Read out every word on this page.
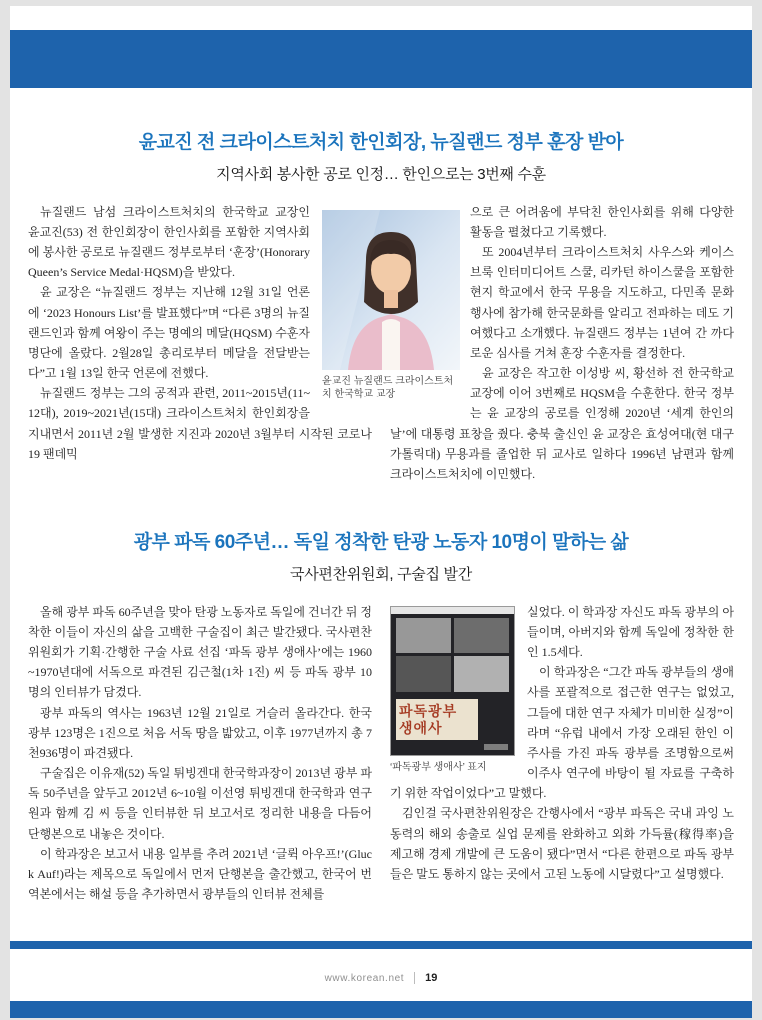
윤교진 전 크라이스트처치 한인회장, 뉴질랜드 정부 훈장 받아
지역사회 봉사한 공로 인정… 한인으로는 3번째 수훈
윤교진 뉴질랜드 크라이스트처치 한국학교 교장

뉴질랜드 남섬 크라이스트처치의 한국학교 교장인 윤교진(53) 전 한인회장이 한인사회를 포함한 지역사회에 봉사한 공로로 뉴질랜드 정부로부터 ‘훈장’(Honorary Queen’s Service Medal·HQSM)을 받았다.

윤 교장은 “뉴질랜드 정부는 지난해 12월 31일 언론에 ‘2023 Honours List’를 발표했다”며 “다른 3명의 뉴질랜드인과 함께 여왕이 주는 명예의 메달(HQSM) 수훈자 명단에 올랐다. 2월28일 총리로부터 메달을 전달받는다”고 1월 13일 한국 언론에 전했다.

뉴질랜드 정부는 그의 공적과 관련, 2011~2015년(11~12대), 2019~2021년(15대) 크라이스트처치 한인회장을 지내면서 2011년 2월 발생한 지진과 2020년 3월부터 시작된 코로나19 팬데믹

으로 큰 어려움에 부닥친 한인사회를 위해 다양한 활동을 펼쳤다고 기록했다.

또 2004년부터 크라이스트처치 사우스와 케이스브룩 인터미디어트 스쿨, 리카턴 하이스쿨을 포함한 현지 학교에서 한국 무용을 지도하고, 다민족 문화 행사에 참가해 한국문화를 알리고 전파하는 데도 기여했다고 소개했다. 뉴질랜드 정부는 1년여 간 까다로운 심사를 거쳐 훈장 수훈자를 결정한다.

윤 교장은 작고한 이성방 씨, 황선하 전 한국학교 교장에 이어 3번째로 HQSM을 수훈한다. 한국 정부는 윤 교장의 공로를 인정해 2020년 ‘세계 한인의 날’에 대통령 표창을 줬다. 충북 출신인 윤 교장은 효성여대(현 대구가톨릭대) 무용과를 졸업한 뒤 교사로 일하다 1996년 남편과 함께 크라이스트처치에 이민했다.

광부 파독 60주년… 독일 정착한 탄광 노동자 10명이 말하는 삶
국사편찬위원회, 구술집 발간

올해 광부 파독 60주년을 맞아 탄광 노동자로 독일에 건너간 뒤 정착한 이들이 자신의 삶을 고백한 구술집이 최근 발간됐다. 국사편찬위원회가 기획·간행한 구술 사료 선집 ‘파독 광부 생애사’에는 1960~1970년대에 서독으로 파견된 김근철(1차 1진) 씨 등 파독 광부 10명의 인터뷰가 담겼다.

광부 파독의 역사는 1963년 12월 21일로 거슬러 올라간다. 한국 광부 123명은 1진으로 처음 서독 땅을 밟았고, 이후 1977년까지 총 7천936명이 파견됐다.

구술집은 이유재(52) 독일 튀빙겐대 한국학과장이 2013년 광부 파독 50주년을 앞두고 2012년 6~10월 이선영 튀빙겐대 한국학과 연구원과 함께 김 씨 등을 인터뷰한 뒤 보고서로 정리한 내용을 다듬어 단행본으로 내놓은 것이다.

이 학과장은 보고서 내용 일부를 추려 2021년 ‘글뤽 아우프!’(Gluck Auf!)라는 제목으로 독일에서 먼저 단행본을 출간했고, 한국어 번역본에서는 해설 등을 추가하면서 광부들의 인터뷰 전체를

파독광부 생애사
‘파독광부 생애사’ 표지

실었다. 이 학과장 자신도 파독 광부의 아들이며, 아버지와 함께 독일에 정착한 한인 1.5세다.

이 학과장은 “그간 파독 광부들의 생애사를 포괄적으로 접근한 연구는 없었고, 그들에 대한 연구 자체가 미비한 실정”이라며 “유럽 내에서 가장 오래된 한인 이주사를 가진 파독 광부를 조명함으로써 이주사 연구에 바탕이 될 자료를 구축하기 위한 작업이었다”고 말했다.

김인걸 국사편찬위원장은 간행사에서 “광부 파독은 국내 과잉 노동력의 해외 송출로 실업 문제를 완화하고 외화 가득률(稼得率)을 제고해 경제 개발에 큰 도움이 됐다”면서 “다른 한편으로 파독 광부들은 말도 통하지 않는 곳에서 고된 노동에 시달렸다”고 설명했다.

www.korean.net 19
